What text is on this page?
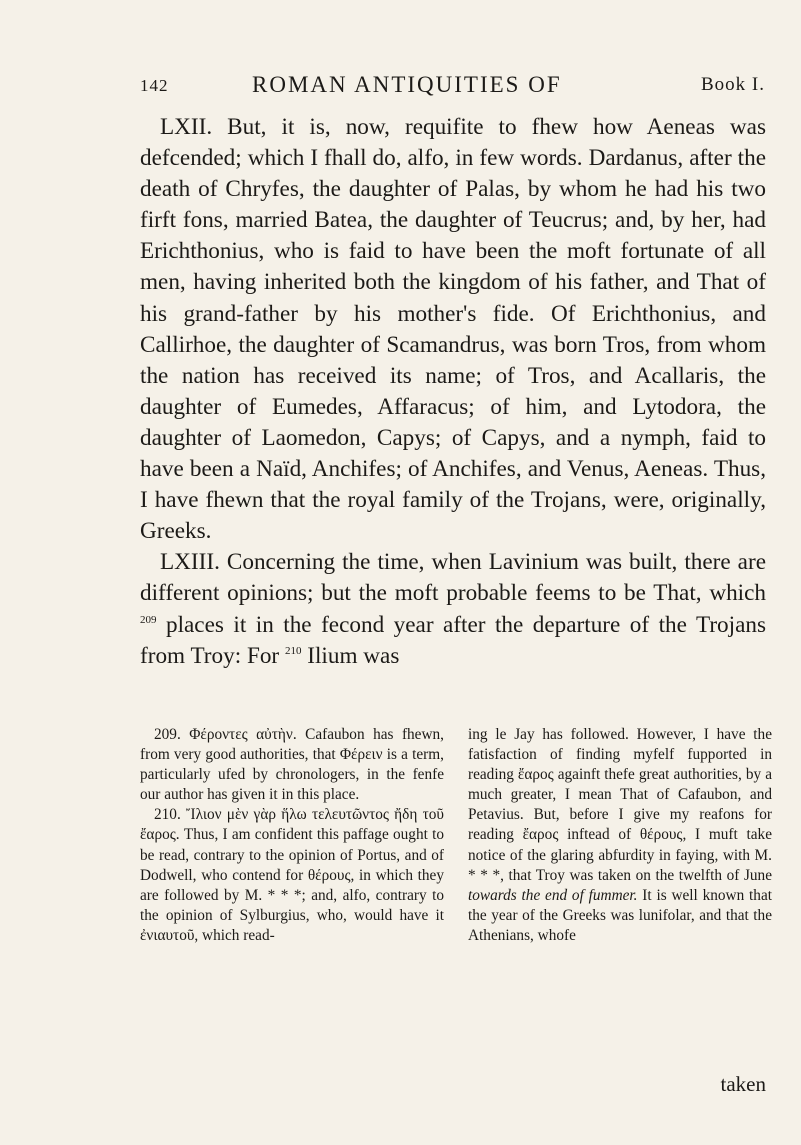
142	ROMAN ANTIQUITIES OF	Book I.

LXII. But, it is, now, requifite to fhew how Aeneas was defcended; which I fhall do, alfo, in few words. Dardanus, after the death of Chryfes, the daughter of Palas, by whom he had his two firft fons, married Batea, the daughter of Teucrus; and, by her, had Erichthonius, who is faid to have been the moft fortunate of all men, having inherited both the kingdom of his father, and That of his grand-father by his mother's fide. Of Erichthonius, and Callirhoe, the daughter of Scamandrus, was born Tros, from whom the nation has received its name; of Tros, and Acallaris, the daughter of Eumedes, Affaracus; of him, and Lytodora, the daughter of Laomedon, Capys; of Capys, and a nymph, faid to have been a Naïd, Anchifes; of Anchifes, and Venus, Aeneas. Thus, I have fhewn that the royal family of the Trojans, were, originally, Greeks.

LXIII. Concerning the time, when Lavinium was built, there are different opinions; but the moft probable feems to be That, which $^{209}$ places it in the fecond year after the departure of the Trojans from Troy: For $^{210}$ Ilium was

209. Φέροντες αὐτὴν. Cafaubon has fhewn, from very good authorities, that Φέρειν is a term, particularly ufed by chronologers, in the fenfe our author has given it in this place.

210. Ἴλιον μὲν γὰρ ἥλω τελευτῶντος ἤδη τοῦ ἔαρος. Thus, I am confident this paffage ought to be read, contrary to the opinion of Portus, and of Dodwell, who contend for θέρους, in which they are followed by M. * * *; and, alfo, contrary to the opinion of Sylburgius, who, would have it ἐνιαυτοῦ, which read-

ing le Jay has followed. However, I have the fatisfaction of finding myfelf fupported in reading ἔαρος againft thefe great authorities, by a much greater, I mean That of Cafaubon, and Petavius. But, before I give my reafons for reading ἔαρος inftead of θέρους, I muft take notice of the glaring abfurdity in faying, with M. * * *, that Troy was taken on the twelfth of June towards the end of fummer. It is well known that the year of the Greeks was lunifolar, and that the Athenians, whofe

taken
